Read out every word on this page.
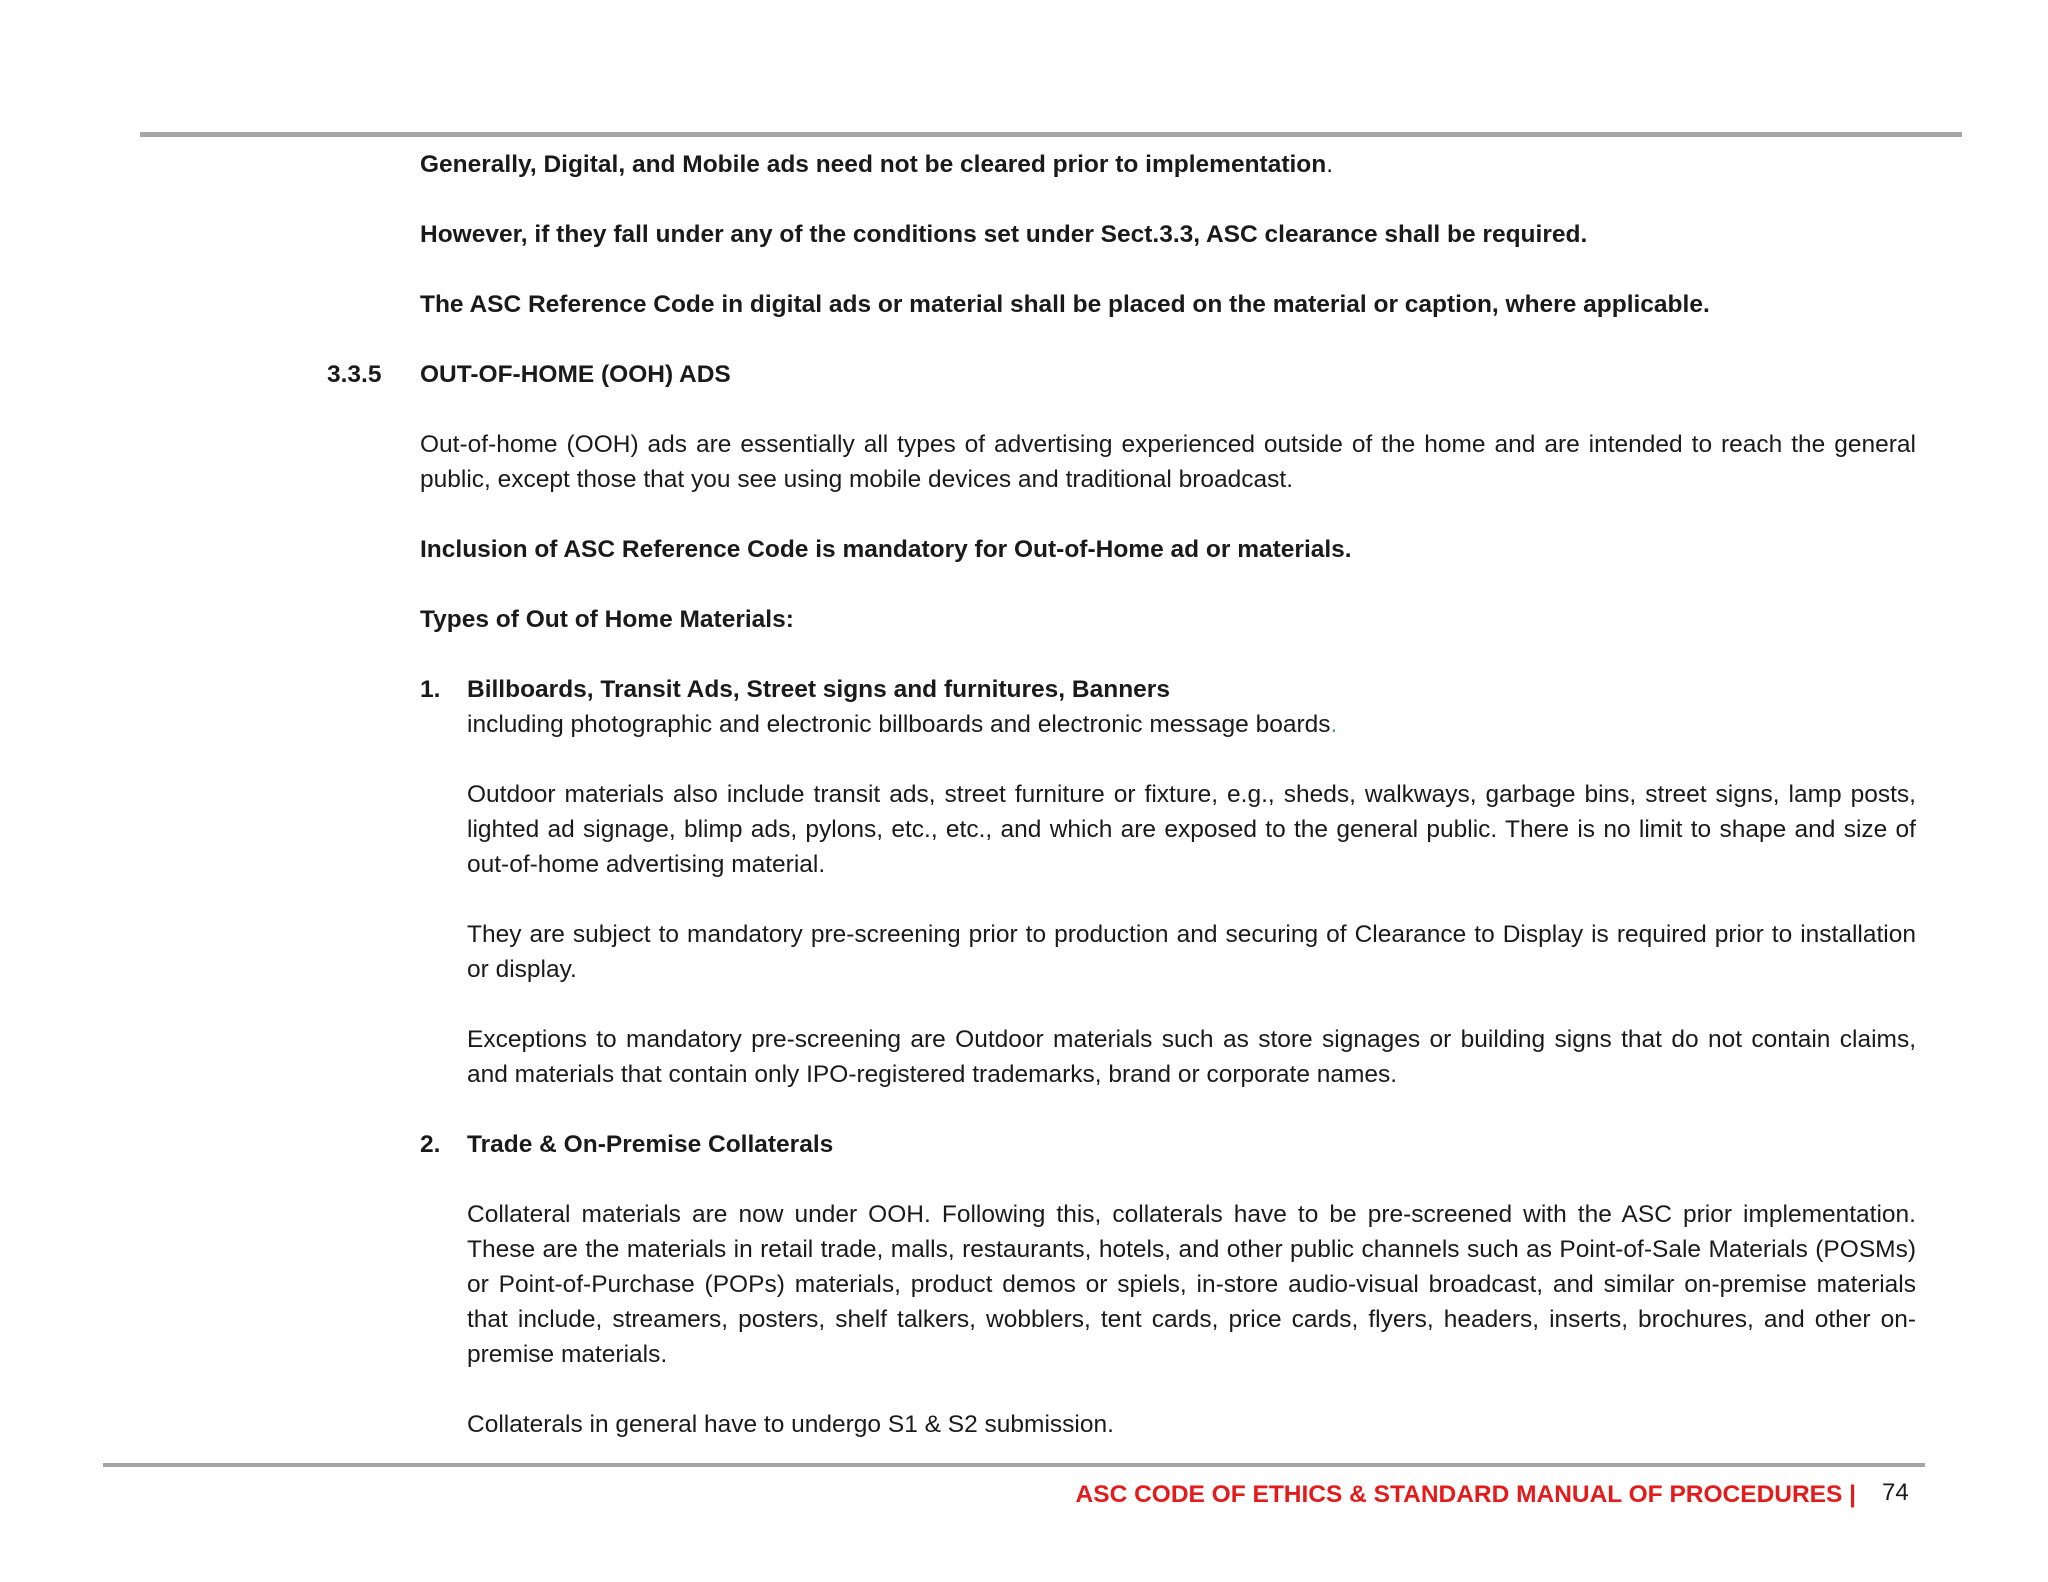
Generally, Digital, and Mobile ads need not be cleared prior to implementation.

However, if they fall under any of the conditions set under Sect.3.3, ASC clearance shall be required.

The ASC Reference Code in digital ads or material shall be placed on the material or caption, where applicable.

3.3.5 OUT-OF-HOME (OOH) ADS

Out-of-home (OOH) ads are essentially all types of advertising experienced outside of the home and are intended to reach the general public, except those that you see using mobile devices and traditional broadcast.

Inclusion of ASC Reference Code is mandatory for Out-of-Home ad or materials.

Types of Out of Home Materials:

1. Billboards, Transit Ads, Street signs and furnitures, Banners

including photographic and electronic billboards and electronic message boards.

Outdoor materials also include transit ads, street furniture or fixture, e.g., sheds, walkways, garbage bins, street signs, lamp posts, lighted ad signage, blimp ads, pylons, etc., etc., and which are exposed to the general public. There is no limit to shape and size of out-of-home advertising material.

They are subject to mandatory pre-screening prior to production and securing of Clearance to Display is required prior to installation or display.

Exceptions to mandatory pre-screening are Outdoor materials such as store signages or building signs that do not contain claims, and materials that contain only IPO-registered trademarks, brand or corporate names.

2. Trade & On-Premise Collaterals

Collateral materials are now under OOH. Following this, collaterals have to be pre-screened with the ASC prior implementation. These are the materials in retail trade, malls, restaurants, hotels, and other public channels such as Point-of-Sale Materials (POSMs) or Point-of-Purchase (POPs) materials, product demos or spiels, in-store audio-visual broadcast, and similar on-premise materials that include, streamers, posters, shelf talkers, wobblers, tent cards, price cards, flyers, headers, inserts, brochures, and other on-premise materials.

Collaterals in general have to undergo S1 & S2 submission.

ASC CODE OF ETHICS & STANDARD MANUAL OF PROCEDURES | 74
